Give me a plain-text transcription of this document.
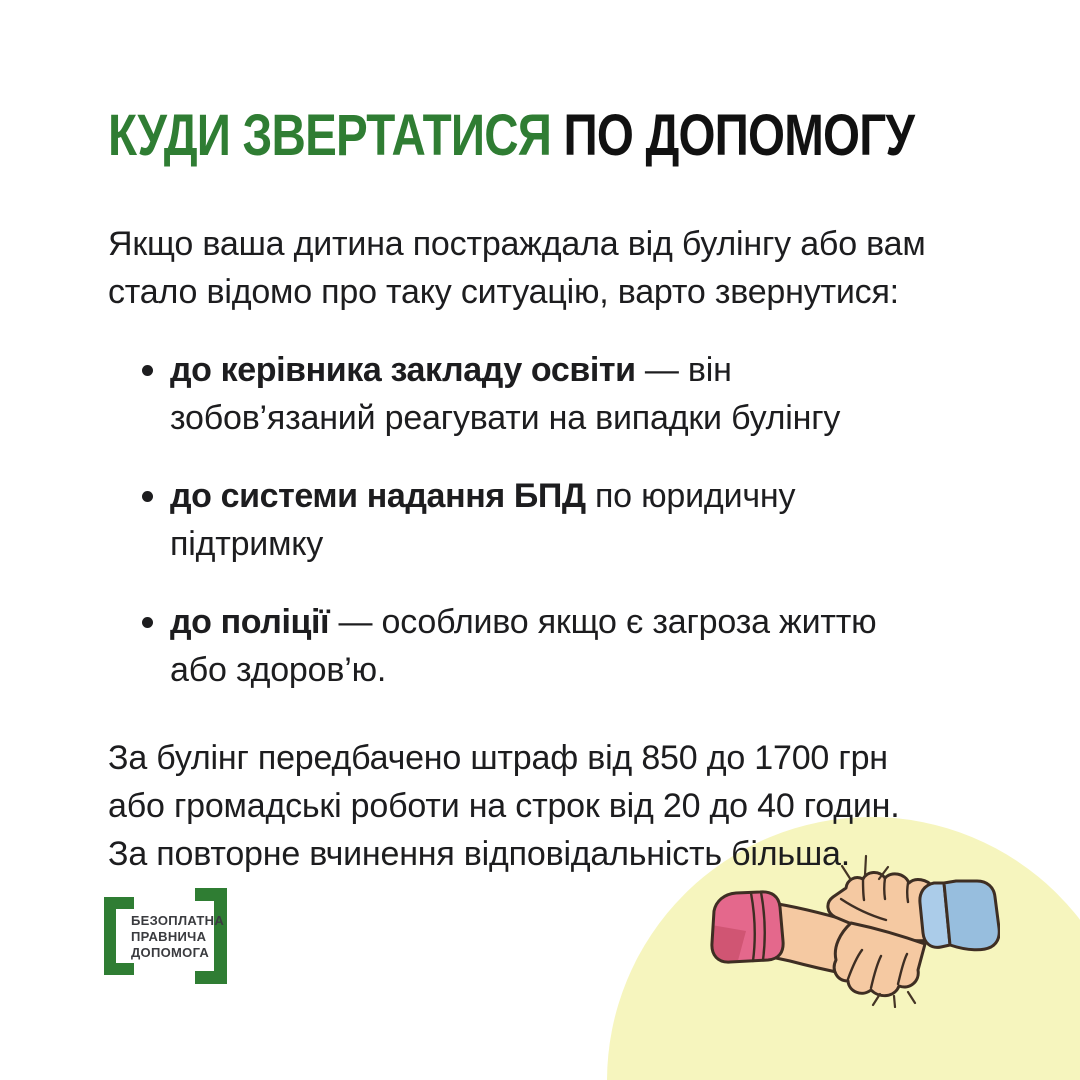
КУДИ ЗВЕРТАТИСЯ ПО ДОПОМОГУ
Якщо ваша дитина постраждала від булінгу або вам стало відомо про таку ситуацію, варто звернутися:
до керівника закладу освіти — він зобов’язаний реагувати на випадки булінгу
до системи надання БПД по юридичну підтримку
до поліції — особливо якщо є загроза життю або здоров’ю.
За булінг передбачено штраф від 850 до 1700 грн або громадські роботи на строк від 20 до 40 годин. За повторне вчинення відповідальність більша.
БЕЗОПЛАТНА
ПРАВНИЧА
ДОПОМОГА
